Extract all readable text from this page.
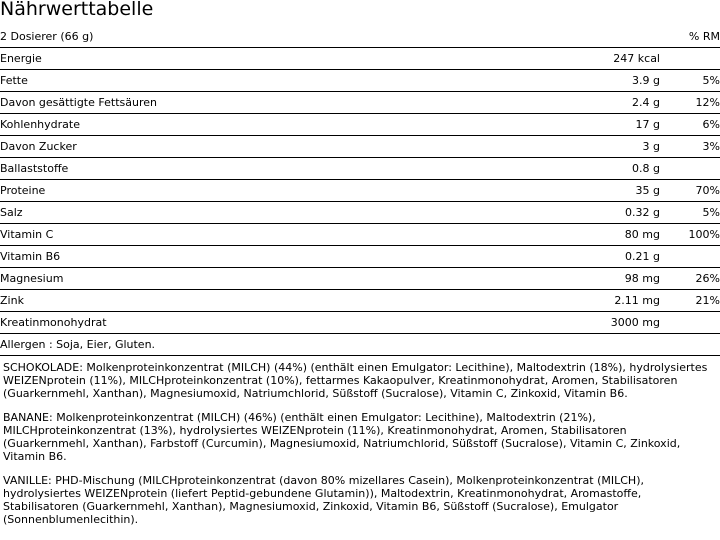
Nährwerttabelle
2 Dosierer (66 g)		% RM
Energie	247 kcal	
Fette	3.9 g	5%
Davon gesättigte Fettsäuren	2.4 g	12%
Kohlenhydrate	17 g	6%
Davon Zucker	3 g	3%
Ballaststoffe	0.8 g	
Proteine	35 g	70%
Salz	0.32 g	5%
Vitamin C	80 mg	100%
Vitamin B6	0.21 g	
Magnesium	98 mg	26%
Zink	2.11 mg	21%
Kreatinmonohydrat	3000 mg	
Allergen : Soja, Eier, Gluten.		

SCHOKOLADE: Molkenproteinkonzentrat (MILCH) (44%) (enthält einen Emulgator: Lecithine), Maltodextrin (18%), hydrolysiertes WEIZENprotein (11%), MILCHproteinkonzentrat (10%), fettarmes Kakaopulver, Kreatinmonohydrat, Aromen, Stabilisatoren (Guarkernmehl, Xanthan), Magnesiumoxid, Natriumchlorid, Süßstoff (Sucralose), Vitamin C, Zinkoxid, Vitamin B6.

BANANE: Molkenproteinkonzentrat (MILCH) (46%) (enthält einen Emulgator: Lecithine), Maltodextrin (21%), MILCHproteinkonzentrat (13%), hydrolysiertes WEIZENprotein (11%), Kreatinmonohydrat, Aromen, Stabilisatoren (Guarkernmehl, Xanthan), Farbstoff (Curcumin), Magnesiumoxid, Natriumchlorid, Süßstoff (Sucralose), Vitamin C, Zinkoxid, Vitamin B6.

VANILLE: PHD-Mischung (MILCHproteinkonzentrat (davon 80% mizellares Casein), Molkenproteinkonzentrat (MILCH), hydrolysiertes WEIZENprotein (liefert Peptid-gebundene Glutamin)), Maltodextrin, Kreatinmonohydrat, Aromastoffe, Stabilisatoren (Guarkernmehl, Xanthan), Magnesiumoxid, Zinkoxid, Vitamin B6, Süßstoff (Sucralose), Emulgator (Sonnenblumenlecithin).
